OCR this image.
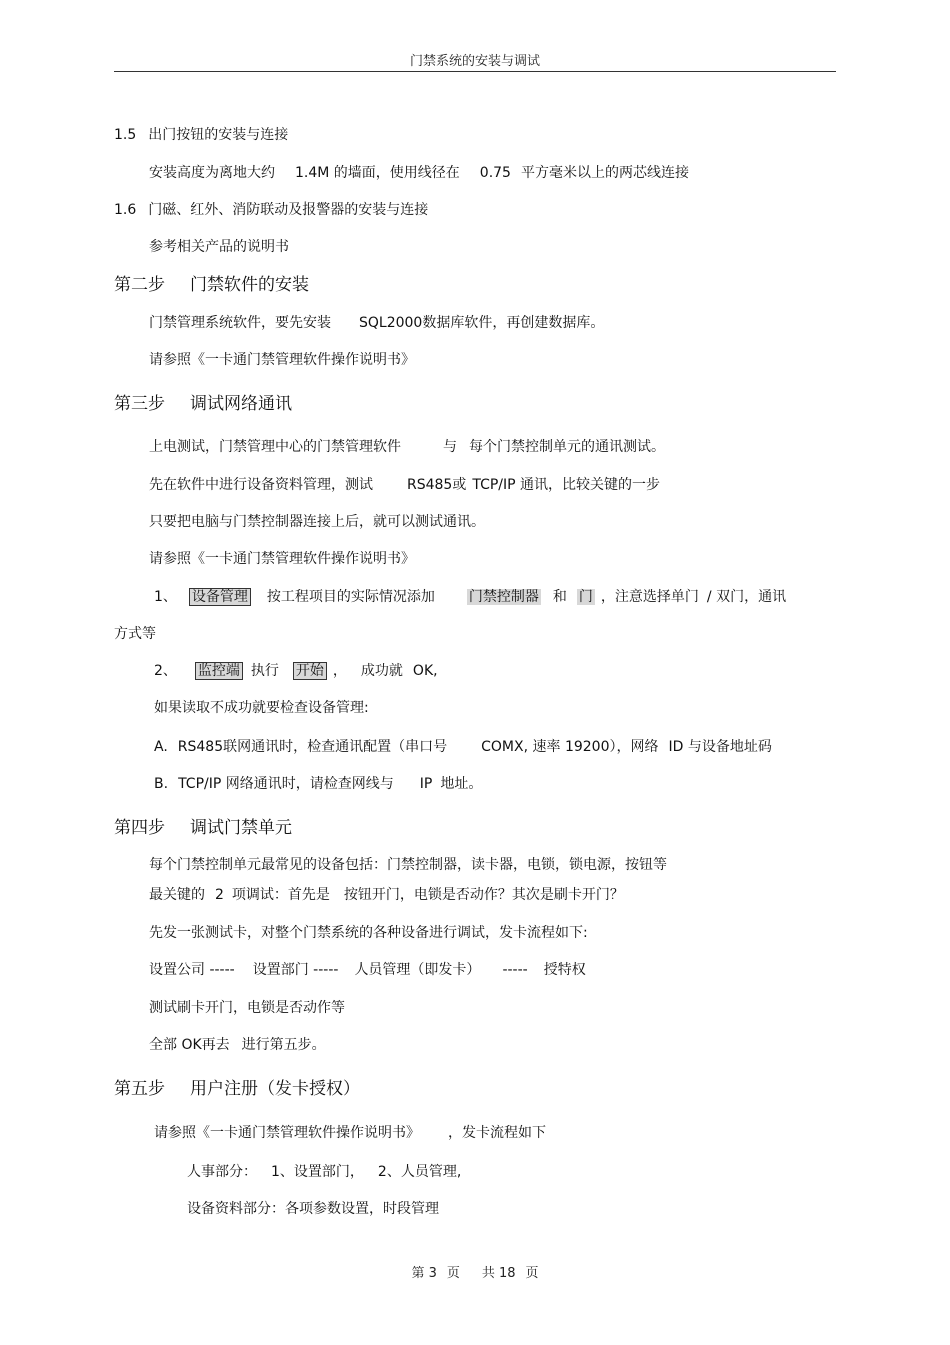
门禁系统的安装与调试
1.5 出门按钮的安装与连接
安装高度为离地大约 1.4M 的墙面，使用线径在 0.75 平方毫米以上的两芯线连接
1.6 门磁、红外、消防联动及报警器的安装与连接
参考相关产品的说明书
第二步 门禁软件的安装
门禁管理系统软件，要先安装 SQL2000数据库软件，再创建数据库。
请参照《一卡通门禁管理软件操作说明书》
第三步 调试网络通讯
上电测试，门禁管理中心的门禁管理软件	与 每个门禁控制单元的通讯测试。
先在软件中进行设备资料管理，测试 RS485或 TCP/IP 通讯，比较关键的一步
只要把电脑与门禁控制器连接上后，就可以测试通讯。
请参照《一卡通门禁管理软件操作说明书》
1、 设备管理 按工程项目的实际情况添加 门禁控制器 和 门 ，注意选择单门 / 双门，通讯
方式等
2、 监控端 执行 开始 ， 成功就 OK,
如果读取不成功就要检查设备管理:
A. RS485联网通讯时，检查通讯配置（串口号 COMX, 速率 19200），网络 ID 与设备地址码
B. TCP/IP 网络通讯时，请检查网线与 IP 地址。
第四步 调试门禁单元
每个门禁控制单元最常见的设备包括：门禁控制器，读卡器，电锁，锁电源，按钮等
最关键的 2 项调试：首先是 按钮开门，电锁是否动作？其次是刷卡开门？
先发一张测试卡，对整个门禁系统的各种设备进行调试，发卡流程如下:
设置公司 ----- 设置部门 ----- 人员管理（即发卡） ----- 授特权
测试刷卡开门，电锁是否动作等
全部 OK再去 进行第五步。
第五步 用户注册（发卡授权）
请参照《一卡通门禁管理软件操作说明书》 ，发卡流程如下
人事部分： 1、设置部门， 2、人员管理,
设备资料部分：各项参数设置，时段管理
第 3 页 共 18 页
